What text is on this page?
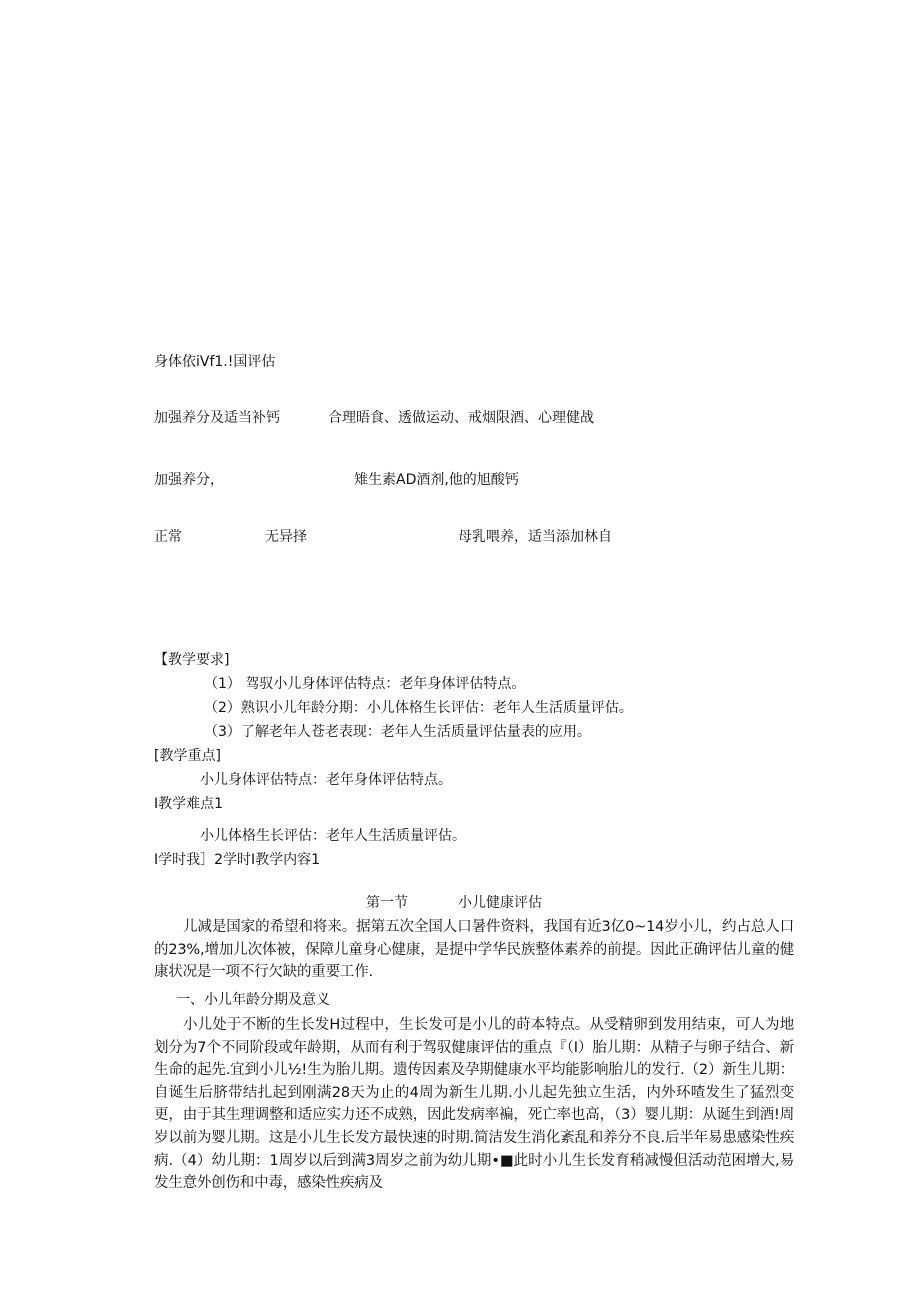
身体依iVf1.!国评估
加强养分及适当补钙	合理晤食、透做运动、戒烟限酒、心理健战
加强养分，	雉生素AD酒剂,他的旭酸钙
正常	无异择	母乳喂养，适当添加林自
【教学要求]
（1） 驾驭小儿身体评估特点：老年身体评估特点。
（2）熟识小儿年龄分期：小儿体格生长评估：老年人生活质量评估。
（3）了解老年人苍老表现：老年人生活质量评估量表的应用。
[教学重点]
小儿身体评估特点：老年身体评估特点。
I教学难点1
小儿体格生长评估：老年人生活质量评估。
I学时我］2学时I教学内容1
第一节	小儿健康评估
儿减是国家的希望和将来。据第五次全国人口暑件资料，我国有近3亿0~14岁小儿，约占总人口的23%,增加儿次体被，保障儿童身心健康，是提中学华民族整体素养的前提。因此正确评估儿童的健康状况是一项不行欠缺的重要工作.
一、小儿年龄分期及意义
小儿处于不断的生长发H过程中，生长发可是小儿的莳本特点。从受精卵到发用结束，可人为地划分为7个不同阶段或年龄期，从而有利于驾驭健康评估的重点『（I）胎儿期：从精子与卵子结合、新生命的起先.宜到小儿½!生为胎儿期。遗传因素及孕期健康水平均能影响胎儿的发行.（2）新生儿期：自诞生后脐带结扎起到刚满28天为止的4周为新生儿期.小儿起先独立生活，内外环喳发生了猛烈变更，由于其生理调整和适应实力还不成熟，因此发病率褊，死亡率也高，（3）婴儿期：从诞生到酒!周岁以前为婴儿期。这是小儿生长发方最快速的时期.简洁发生消化紊乱和养分不良.后半年易患感染性疾病.（4）幼儿期：1周岁以后到满3周岁之前为幼儿期•■此时小儿生长发育稍减慢但活动范困增大,易发生意外创伤和中毒，感染性疾病及
